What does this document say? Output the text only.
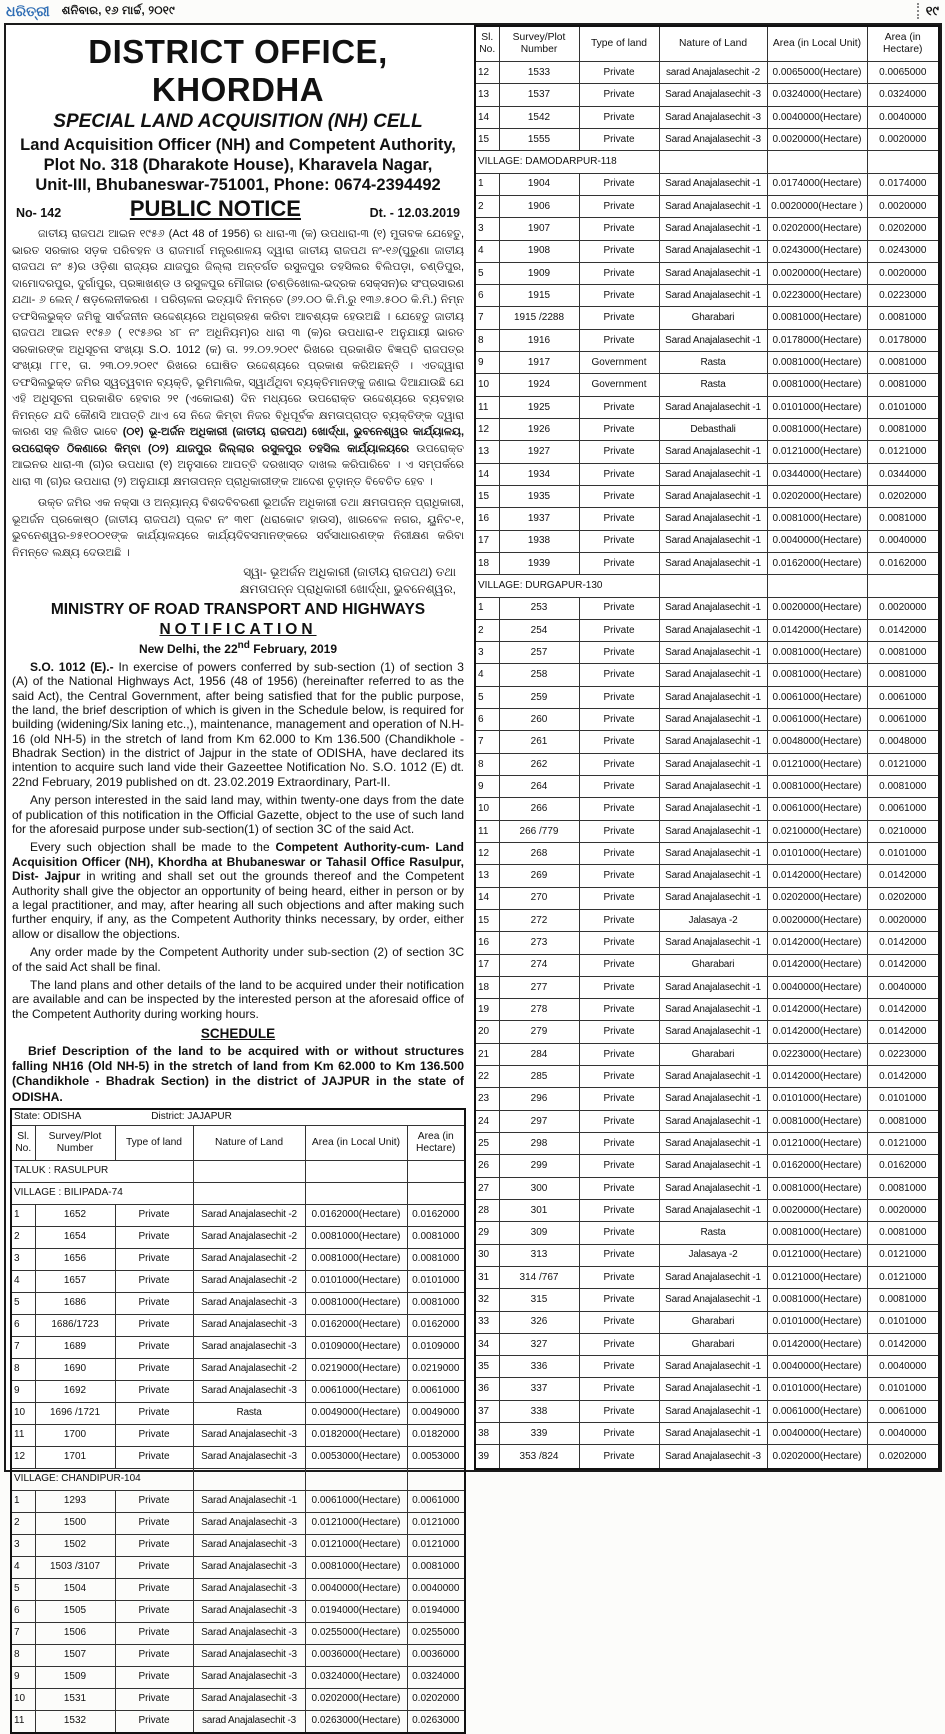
ଧରିତ୍ରୀ ଶନିବାର, ୧୬ ମାର୍ଚ୍ଚ, ୨୦୧୯	୧୯
DISTRICT OFFICE, KHORDHA
SPECIAL LAND ACQUISITION (NH) CELL
Land Acquisition Officer (NH) and Competent Authority,
Plot No. 318 (Dharakote House), Kharavela Nagar,
Unit-III, Bhubaneswar-751001, Phone: 0674-2394492
No- 142	PUBLIC NOTICE	Dt. - 12.03.2019

ଜାତୀୟ ରାଜପଥ ଆଇନ ୧୯୫୬ (Act 48 of 1956) ର ଧାରା-୩ (କ) ଉପଧାରା-୩ (୧) ମୁତାବକ ଯେହେତୁ, ଭାରତ ସରକାର ସଡ଼କ ପରିବହନ ଓ ରାଜମାର୍ଗ ମନ୍ତ୍ରଣାଳୟ ଦ୍ୱାରା ଜାତୀୟ ରାଜପଥ ନଂ-୧୬(ପୁରୁଣା ଜାତୀୟ ରାଜପଥ ନଂ ୫)ର ଓଡ଼ିଶା ରାଜ୍ୟର ଯାଜପୁର ଜିଲ୍ଲା ଅନ୍ତର୍ଗତ ରସୁଳପୁର ତହସିଲର ବିଲିପଡ଼ା, ଚଣ୍ଡିପୁର, ଦାମୋଦରପୁର, ଦୁର୍ଗାପୁର, ପ୍ରଜ୍ଞାଖଣ୍ଡ ଓ ରସୁଳପୁର ମୌଜାର (ଚଣ୍ଡିଖୋଲ-ଭଦ୍ରକ ସେକ୍ସନ)ର ସଂପ୍ରସାରଣ ଯଥା- ୬ ଲେନ୍ / ଷଡ଼ଲେନୀକରଣ । ପରିଚାଳନା ଇତ୍ୟାଦି ନିମନ୍ତେ (୬୨.୦୦ କି.ମି.ରୁ ୧୩୬.୫୦୦ କି.ମି.) ନିମ୍ନ ତଫସିଲଭୁକ୍ତ ଜମିକୁ ସାର୍ବଜନୀନ ଉଦ୍ଦେଶ୍ୟରେ ଅଧିଗ୍ରହଣ କରିବା ଆବଶ୍ୟକ ହେଉଅଛି । ଯେହେତୁ ଜାତୀୟ ରାଜପଥ ଆଇନ ୧୯୫୬ ( ୧୯୫୬ର ୪୮ ନଂ ଅଧିନିୟମ)ର ଧାରା ୩ (କ)ର ଉପଧାରା-୧ ଅନୁଯାୟୀ ଭାରତ ସରକାରଙ୍କ ଅଧିସୂଚନା ସଂଖ୍ୟା S.O. 1012 (କ) ତା. ୨୨.୦୨.୨୦୧୯ ରିଖରେ ପ୍ରକାଶିତ ବିଜ୍ଞପ୍ତି ରାଜପତ୍ର ସଂଖ୍ୟା ୮୮୧, ତା. ୨୩.୦୨.୨୦୧୯ ରିଖରେ ଘୋଷିତ ଉଦ୍ଦେଶ୍ୟରେ ପ୍ରକାଶ କରିଅଛନ୍ତି । ଏତଦ୍ଦ୍ୱାରା ତଫସିଲଭୁକ୍ତ ଜମିର ସ୍ୱତ୍ୱବାନ ବ୍ୟକ୍ତି, ଭୂମିମାଲିକ, ସ୍ୱାର୍ଥଥିବା ବ୍ୟକ୍ତିମାନଙ୍କୁ ଜଣାଇ ଦିଆଯାଉଛି ଯେ ଏହି ଅଧିସୂଚନା ପ୍ରକାଶିତ ହେବାର ୨୧ (ଏକୋଇଶ) ଦିନ ମଧ୍ୟରେ ଉପରୋକ୍ତ ଉଦ୍ଦେଶ୍ୟରେ ବ୍ୟବହାର ନିମନ୍ତେ ଯଦି କୌଣସି ଆପତ୍ତି ଥାଏ ସେ ନିଜେ କିମ୍ବା ନିଜର ବିଧିପୂର୍ବକ କ୍ଷମତାପ୍ରାପ୍ତ ବ୍ୟକ୍ତିଙ୍କ ଦ୍ୱାରା କାରଣ ସହ ଲିଖିତ ଭାବେ (୦୧) ଭୂ-ଅର୍ଜନ ଅଧିକାରୀ (ଜାତୀୟ ରାଜପଥ) ଖୋର୍ଦ୍ଧା, ଭୁବନେଶ୍ୱର କାର୍ଯ୍ୟାଳୟ, ଉପରୋକ୍ତ ଠିକଣାରେ କିମ୍ବା (୦୨) ଯାଜପୁର ଜିଲ୍ଲାର ରସୁଳପୁର ତହସିଲ କାର୍ଯ୍ୟାଳୟରେ ଉପରୋକ୍ତ ଆଇନର ଧାରା-୩ (ଗ)ର ଉପଧାରା (୧) ଅନୁସାରେ ଆପତ୍ତି ଦରଖାସ୍ତ ଦାଖଲ କରିପାରିବେ । ଏ ସମ୍ପର୍କରେ ଧାରା ୩ (ଗ)ର ଉପଧାରା (୨) ଅନୁଯାୟୀ କ୍ଷମତାପନ୍ନ ପ୍ରାଧିକାରୀଙ୍କ ଆଦେଶ ଚୂଡ଼ାନ୍ତ ବିବେଚିତ ହେବ ।

ଉକ୍ତ ଜମିର ଏକ ନକ୍ସା ଓ ଅନ୍ୟାନ୍ୟ ବିଶଦବିବରଣୀ ଭୂଅର୍ଜନ ଅଧିକାରୀ ତଥା କ୍ଷମତାପନ୍ନ ପ୍ରାଧିକାରୀ, ଭୂଅର୍ଜନ ପ୍ରକୋଷ୍ଠ (ଜାତୀୟ ରାଜପଥ) ପ୍ଲଟ ନଂ ୩୧୮ (ଧରାକୋଟ ହାଉସ), ଖାରବେଳ ନଗର, ୟୁନିଟ-୧, ଭୁବନେଶ୍ୱର-୭୫୧୦୦୧ଙ୍କ କାର୍ଯ୍ୟାଳୟରେ କାର୍ଯ୍ୟଦିବସମାନଙ୍କରେ ସର୍ବସାଧାରଣଙ୍କ ନିରୀକ୍ଷଣ କରିବା ନିମନ୍ତେ ଲକ୍ଷ୍ୟ ଦେଉଅଛି ।

ସ୍ୱା- ଭୂଅର୍ଜନ ଅଧିକାରୀ (ଜାତୀୟ ରାଜପଥ) ତଥା
କ୍ଷମତାପନ୍ନ ପ୍ରାଧିକାରୀ ଖୋର୍ଦ୍ଧା, ଭୁବନେଶ୍ୱର,
MINISTRY OF ROAD TRANSPORT AND HIGHWAYS
NOTIFICATION
New Delhi, the 22nd February, 2019

S.O. 1012 (E).- In exercise of powers conferred by sub-section (1) of section 3 (A) of the National Highways Act, 1956 (48 of 1956) (hereinafter referred to as the said Act), the Central Government, after being satisfied that for the public purpose, the land, the brief description of which is given in the Schedule below, is required for building (widening/Six laning etc.,), maintenance, management and operation of N.H-16 (old NH-5) in the stretch of land from Km 62.000 to Km 136.500 (Chandikhole - Bhadrak Section) in the district of Jajpur in the state of ODISHA, have declared its intention to acquire such land vide their Gazeettee Notification No. S.O. 1012 (E) dt. 22nd February, 2019 published on dt. 23.02.2019 Extraordinary, Part-II.

Any person interested in the said land may, within twenty-one days from the date of publication of this notification in the Official Gazette, object to the use of such land for the aforesaid purpose under sub-section(1) of section 3C of the said Act.

Every such objection shall be made to the Competent Authority-cum- Land Acquisition Officer (NH), Khordha at Bhubaneswar or Tahasil Office Rasulpur, Dist- Jajpur in writing and shall set out the grounds thereof and the Competent Authority shall give the objector an opportunity of being heard, either in person or by a legal practitioner, and may, after hearing all such objections and after making such further enquiry, if any, as the Competent Authority thinks necessary, by order, either allow or disallow the objections.

Any order made by the Competent Authority under sub-section (2) of section 3C of the said Act shall be final.

The land plans and other details of the land to be acquired under their notification are available and can be inspected by the interested person at the aforesaid office of the Competent Authority during working hours.

SCHEDULE

Brief Description of the land to be acquired with or without structures falling NH16 (Old NH-5) in the stretch of land from Km 62.000 to Km 136.500 (Chandikhole - Bhadrak Section) in the district of JAJPUR in the state of ODISHA.

State: ODISHA District: JAJAPUR					
Sl. No.	Survey/Plot Number	Type of land	Nature of Land	Area (in Local Unit)	Area (in Hectare)
TALUK : RASULPUR					
VILLAGE : BILIPADA-74					
1	1652	Private	Sarad Anajalasechit -2	0.0162000(Hectare)	0.0162000
2	1654	Private	Sarad Anajalasechit -2	0.0081000(Hectare)	0.0081000
3	1656	Private	Sarad Anajalasechit -2	0.0081000(Hectare)	0.0081000
4	1657	Private	Sarad Anajalasechit -2	0.0101000(Hectare)	0.0101000
5	1686	Private	Sarad Anajalasechit -3	0.0081000(Hectare)	0.0081000
6	1686/1723	Private	Sarad Anajalasechit -3	0.0162000(Hectare)	0.0162000
7	1689	Private	Sarad anajalasechit -3	0.0109000(Hectare)	0.0109000
8	1690	Private	Sarad Anajalasechit -2	0.0219000(Hectare)	0.0219000
9	1692	Private	Sarad Anajalasechit -3	0.0061000(Hectare)	0.0061000
10	1696 /1721	Private	Rasta	0.0049000(Hectare)	0.0049000
11	1700	Private	Sarad Anajalasechit -3	0.0182000(Hectare)	0.0182000
12	1701	Private	Sarad Anajalasechit -3	0.0053000(Hectare)	0.0053000
VILLAGE: CHANDIPUR-104					
1	1293	Private	Sarad Anajalasechit -1	0.0061000(Hectare)	0.0061000
2	1500	Private	Sarad Anajalasechit -3	0.0121000(Hectare)	0.0121000
3	1502	Private	Sarad Anajalasechit -3	0.0121000(Hectare)	0.0121000
4	1503 /3107	Private	Sarad Anajalasechit -3	0.0081000(Hectare)	0.0081000
5	1504	Private	Sarad Anajalasechit -3	0.0040000(Hectare)	0.0040000
6	1505	Private	Sarad Anajalasechit -3	0.0194000(Hectare)	0.0194000
7	1506	Private	Sarad Anajalasechit -3	0.0255000(Hectare)	0.0255000
8	1507	Private	Sarad Anajalasechit -3	0.0036000(Hectare)	0.0036000
9	1509	Private	Sarad Anajalasechit -3	0.0324000(Hectare)	0.0324000
10	1531	Private	Sarad Anajalasechit -3	0.0202000(Hectare)	0.0202000
11	1532	Private	sarad Anajalasechit -3	0.0263000(Hectare)	0.0263000
Sl. No.	Survey/Plot Number	Type of land	Nature of Land	Area (in Local Unit)	Area (in Hectare)
12	1533	Private	sarad Anajalasechit -2	0.0065000(Hectare)	0.0065000
13	1537	Private	Sarad Anajalasechit -3	0.0324000(Hectare)	0.0324000
14	1542	Private	Sarad Anajalasechit -3	0.0040000(Hectare)	0.0040000
15	1555	Private	Sarad Anajalasechit -3	0.0020000(Hectare)	0.0020000
VILLAGE: DAMODARPUR-118					
1	1904	Private	Sarad Anajalasechit -1	0.0174000(Hectare)	0.0174000
2	1906	Private	Sarad Anajalasechit -1	0.0020000(Hectare )	0.0020000
3	1907	Private	Sarad Anajalasechit -1	0.0202000(Hectare)	0.0202000
4	1908	Private	Sarad Anajalasechit -1	0.0243000(Hectare)	0.0243000
5	1909	Private	Sarad Anajalasechit -1	0.0020000(Hectare)	0.0020000
6	1915	Private	Sarad Anajalasechit -1	0.0223000(Hectare)	0.0223000
7	1915 /2288	Private	Gharabari	0.0081000(Hectare)	0.0081000
8	1916	Private	Sarad Anajalasechit -1	0.0178000(Hectare)	0.0178000
9	1917	Government	Rasta	0.0081000(Hectare)	0.0081000
10	1924	Government	Rasta	0.0081000(Hectare)	0.0081000
11	1925	Private	Sarad Anajalasechit -1	0.0101000(Hectare)	0.0101000
12	1926	Private	Debasthali	0.0081000(Hectare)	0.0081000
13	1927	Private	Sarad Anajalasechit -1	0.0121000(Hectare)	0.0121000
14	1934	Private	Sarad Anajalasechit -1	0.0344000(Hectare)	0.0344000
15	1935	Private	Sarad Anajalasechit -1	0.0202000(Hectare)	0.0202000
16	1937	Private	Sarad Anajalasechit -1	0.0081000(Hectare)	0.0081000
17	1938	Private	Sarad Anajalasechit -1	0.0040000(Hectare)	0.0040000
18	1939	Private	Sarad Anajalasechit -1	0.0162000(Hectare)	0.0162000
VILLAGE: DURGAPUR-130					
1	253	Private	Sarad Anajalasechit -1	0.0020000(Hectare)	0.0020000
2	254	Private	Sarad Anajalasechit -1	0.0142000(Hectare)	0.0142000
3	257	Private	Sarad Anajalasechit -1	0.0081000(Hectare)	0.0081000
4	258	Private	Sarad Anajalasechit -1	0.0081000(Hectare)	0.0081000
5	259	Private	Sarad Anajalasechit -1	0.0061000(Hectare)	0.0061000
6	260	Private	Sarad Anajalasechit -1	0.0061000(Hectare)	0.0061000
7	261	Private	Sarad Anajalasechit -1	0.0048000(Hectare)	0.0048000
8	262	Private	Sarad Anajalasechit -1	0.0121000(Hectare)	0.0121000
9	264	Private	Sarad Anajalasechit -1	0.0081000(Hectare)	0.0081000
10	266	Private	Sarad Anajalasechit -1	0.0061000(Hectare)	0.0061000
11	266 /779	Private	Sarad Anajalasechit -1	0.0210000(Hectare)	0.0210000
12	268	Private	Sarad Anajalasechit -1	0.0101000(Hectare)	0.0101000
13	269	Private	Sarad Anajalasechit -1	0.0142000(Hectare)	0.0142000
14	270	Private	Sarad Anajalasechit -1	0.0202000(Hectare)	0.0202000
15	272	Private	Jalasaya -2	0.0020000(Hectare)	0.0020000
16	273	Private	Sarad Anajalasechit -1	0.0142000(Hectare)	0.0142000
17	274	Private	Gharabari	0.0142000(Hectare)	0.0142000
18	277	Private	Sarad Anajalasechit -1	0.0040000(Hectare)	0.0040000
19	278	Private	Sarad Anajalasechit -1	0.0142000(Hectare)	0.0142000
20	279	Private	Sarad Anajalasechit -1	0.0142000(Hectare)	0.0142000
21	284	Private	Gharabari	0.0223000(Hectare)	0.0223000
22	285	Private	Sarad Anajalasechit -1	0.0142000(Hectare)	0.0142000
23	296	Private	Sarad Anajalasechit -1	0.0101000(Hectare)	0.0101000
24	297	Private	Sarad Anajalasechit -1	0.0081000(Hectare)	0.0081000
25	298	Private	Sarad Anajalasechit -1	0.0121000(Hectare)	0.0121000
26	299	Private	Sarad Anajalasechit -1	0.0162000(Hectare)	0.0162000
27	300	Private	Sarad Anajalasechit -1	0.0081000(Hectare)	0.0081000
28	301	Private	Sarad Anajalasechit -1	0.0020000(Hectare)	0.0020000
29	309	Private	Rasta	0.0081000(Hectare)	0.0081000
30	313	Private	Jalasaya -2	0.0121000(Hectare)	0.0121000
31	314 /767	Private	Sarad Anajalasechit -1	0.0121000(Hectare)	0.0121000
32	315	Private	Sarad Anajalasechit -1	0.0081000(Hectare)	0.0081000
33	326	Private	Gharabari	0.0101000(Hectare)	0.0101000
34	327	Private	Gharabari	0.0142000(Hectare)	0.0142000
35	336	Private	Sarad Anajalasechit -1	0.0040000(Hectare)	0.0040000
36	337	Private	Sarad Anajalasechit -1	0.0101000(Hectare)	0.0101000
37	338	Private	Sarad Anajalasechit -1	0.0061000(Hectare)	0.0061000
38	339	Private	Sarad Anajalasechit -1	0.0040000(Hectare)	0.0040000
39	353 /824	Private	Sarad Anajalasechit -3	0.0202000(Hectare)	0.0202000
